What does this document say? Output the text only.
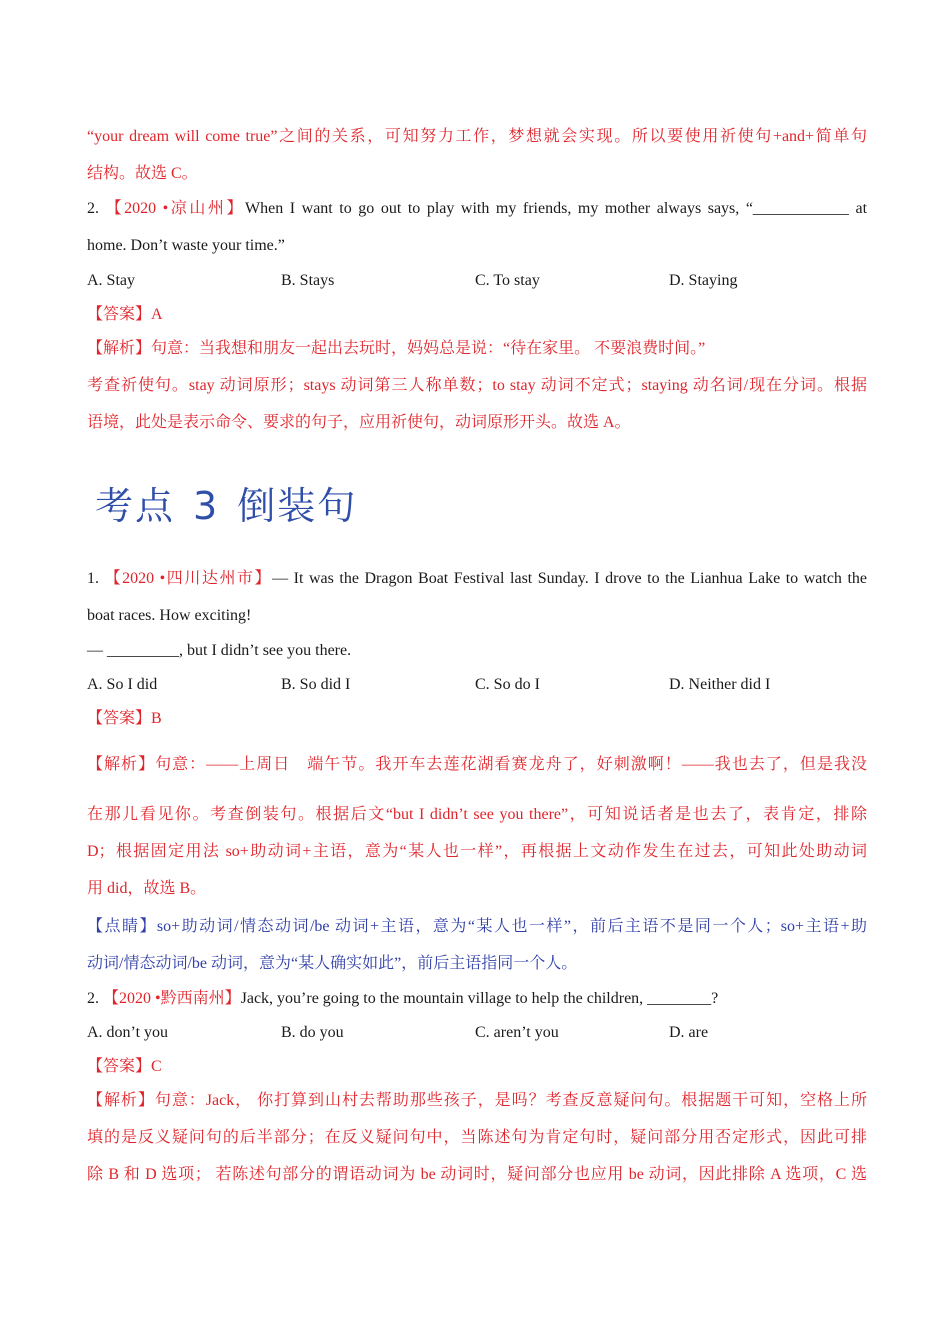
“your dream will come true”之间的关系，可知努力工作，梦想就会实现。所以要使用祈使句+and+简单句
结构。故选 C。
2. 【2020 •凉山州】When I want to go out to play with my friends, my mother always says, “____________ at
home. Don’t waste your time.”
A. Stay	B. Stays	C. To stay	D. Staying
【答案】A
【解析】句意：当我想和朋友一起出去玩时，妈妈总是说：“待在家里。 不要浪费时间。”
考查祈使句。stay 动词原形；stays 动词第三人称单数；to stay 动词不定式；staying 动名词/现在分词。根据
语境，此处是表示命令、要求的句子，应用祈使句，动词原形开头。故选 A。
考点 3 倒装句
1. 【2020 •四川达州市】— It was the Dragon Boat Festival last Sunday. I drove to the Lianhua Lake to watch the
boat races. How exciting!
— _________, but I didn’t see you there.
A. So I did	B. So did I	C. So do I	D. Neither did I
【答案】B
【解析】句意：——上周日　端午节。我开车去莲花湖看赛龙舟了，好刺激啊！——我也去了，但是我没
在那儿看见你。考查倒装句。根据后文“but I didn’t see you there”，可知说话者是也去了，表肯定，排除
D；根据固定用法 so+助动词+主语，意为“某人也一样”，再根据上文动作发生在过去，可知此处助动词
用 did，故选 B。
【点睛】so+助动词/情态动词/be 动词+主语，意为“某人也一样”，前后主语不是同一个人；so+主语+助
动词/情态动词/be 动词，意为“某人确实如此”，前后主语指同一个人。
2. 【2020 •黔西南州】Jack, you’re going to the mountain village to help the children, ________?
A. don’t you	B. do you	C. aren’t you	D. are
【答案】C
【解析】句意：Jack， 你打算到山村去帮助那些孩子，是吗？考查反意疑问句。根据题干可知，空格上所
填的是反义疑问句的后半部分；在反义疑问句中，当陈述句为肯定句时，疑问部分用否定形式，因此可排
除 B 和 D 选项； 若陈述句部分的谓语动词为 be 动词时，疑问部分也应用 be 动词，因此排除 A 选项，C 选
